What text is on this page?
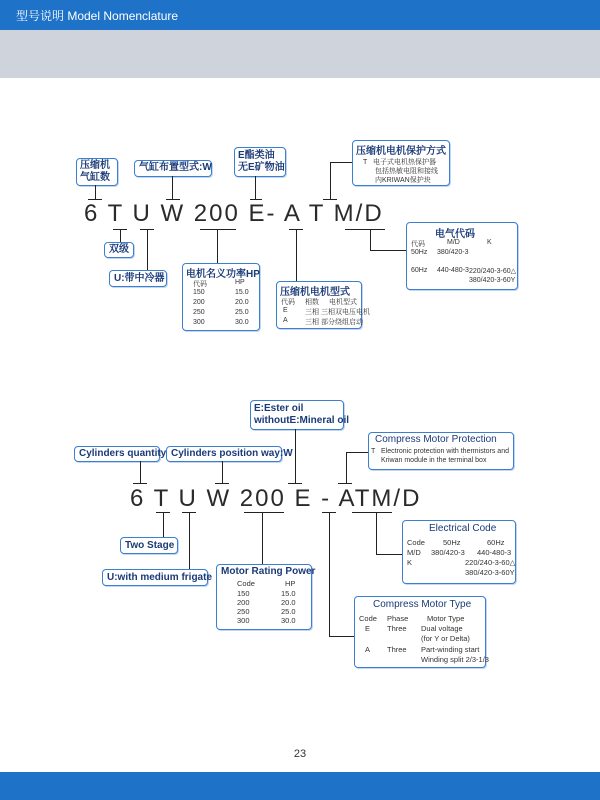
型号说明 Model Nomenclature
6 T U W 200 E- A T M/D
压缩机
气缸数
气缸布置型式:W
E酯类油
无E矿物油
压缩机电机保护方式
T   电子式电机热保护器
包括热敏电阻和接线
内KRIWAN保护块
双级
U:带中冷器 电机名义功率HP
代码	HP
150	15.0
200	20.0
250	25.0
300	30.0
压缩机电机型式
代码 相数 电机型式
E 三相 三相双电压电机
A 三相 部分绕组启动
电气代码
代码	M/D	K
50Hz 380/420-3
60Hz 440-480-3 220/240-3-60△
380/420-3-60Y
6 T U W 200 E - ATM/D
Cylinders quantity Cylinders position way:W
E:Ester oil
withoutE:Mineral oil
Compress Motor Protection
T   Electronic protection with thermistors and
Kriwan module in the terminal box
Two Stage
U:with medium frigate
Motor Rating Power
Code	HP
150	15.0
200	20.0
250	25.0
300	30.0
Electrical Code
Code 50Hz	60Hz
M/D 380/420-3 440-480-3
K	220/240-3-60△
380/420-3-60Y
Compress Motor Type
Code Phase Motor Type
E Three Dual voltage
(for Y or Delta)
A Three Part-winding start
Winding split 2/3-1/3
23
